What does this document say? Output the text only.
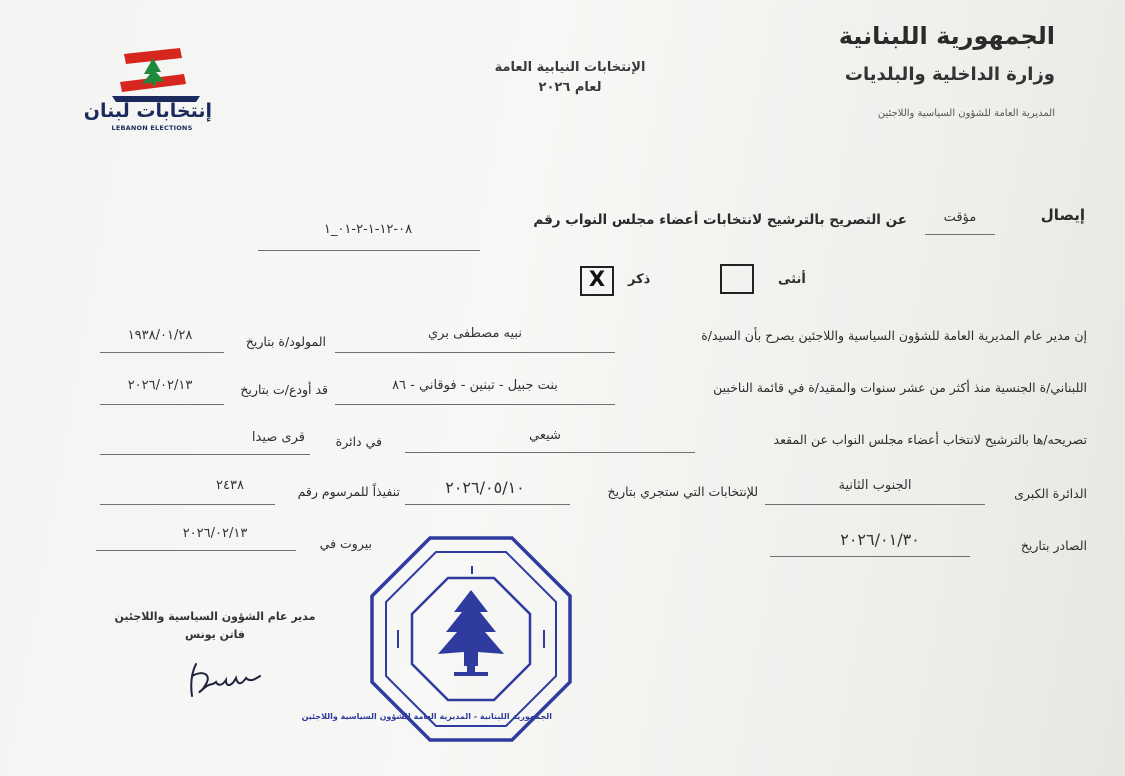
الجمهورية اللبنانية
وزارة الداخلية والبلديات
المديرية العامة للشؤون السياسية واللاجئين
الإنتخابات النيابية العامة
لعام ٢٠٢٦
إنتخابات لبنان
LEBANON ELECTIONS
إيصال
مؤقت
عن التصريح بالترشيح لانتخابات أعضاء مجلس النواب رقم
٠٨-١٢-١-٢-٠١_١
أنثى
ذكر
X
إن مدير عام المديرية العامة للشؤون السياسية واللاجئين يصرح بأن السيد/ة
نبيه مصطفى بري
المولود/ة بتاريخ
١٩٣٨/٠١/٢٨
اللبناني/ة الجنسية منذ أكثر من عشر سنوات والمقيد/ة في قائمة الناخبين
بنت جبيل - تبنين - فوقاني - ٨٦
قد أودع/ت بتاريخ
٢٠٢٦/٠٢/١٣
تصريحه/ها بالترشيح لانتخاب أعضاء مجلس النواب عن المقعد
شيعي
في دائرة
قرى صيدا
الدائرة الكبرى
الجنوب الثانية
للإنتخابات التي ستجري بتاريخ
٢٠٢٦/٠٥/١٠
تنفيذاً للمرسوم رقم
٢٤٣٨
الصادر بتاريخ
٢٠٢٦/٠١/٣٠
بيروت في
٢٠٢٦/٠٢/١٣
مدير عام الشؤون السياسية واللاجئين
فاتن يونس
الجمهورية اللبنانية - المديرية العامة للشؤون السياسية واللاجئين
